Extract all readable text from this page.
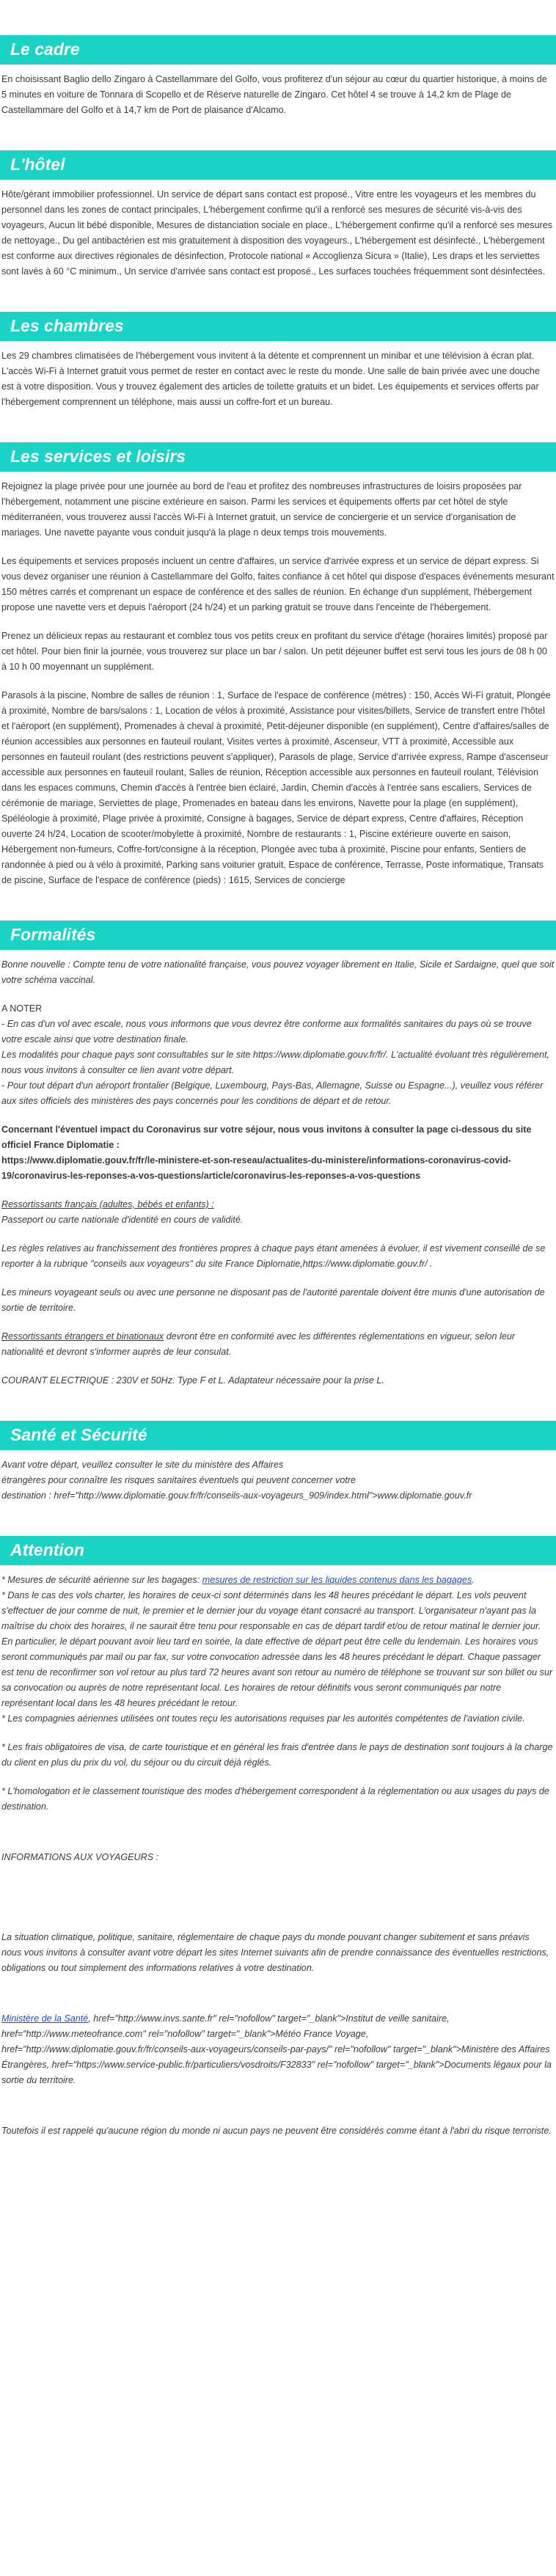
Le cadre

En choisissant Baglio dello Zingaro à Castellammare del Golfo, vous profiterez d'un séjour au cœur du quartier historique, à moins de 5 minutes en voiture de Tonnara di Scopello et de Réserve naturelle de Zingaro. Cet hôtel 4 se trouve à 14,2 km de Plage de Castellammare del Golfo et à 14,7 km de Port de plaisance d'Alcamo.

L'hôtel

Hôte/gérant immobilier professionnel. Un service de départ sans contact est proposé., Vitre entre les voyageurs et les membres du personnel dans les zones de contact principales, L'hébergement confirme qu'il a renforcé ses mesures de sécurité vis-à-vis des voyageurs, Aucun lit bébé disponible, Mesures de distanciation sociale en place., L'hébergement confirme qu'il a renforcé ses mesures de nettoyage., Du gel antibactérien est mis gratuitement à disposition des voyageurs., L'hébergement est désinfecté., L'hébergement est conforme aux directives régionales de désinfection, Protocole national « Accoglienza Sicura » (Italie), Les draps et les serviettes sont lavés à 60 °C minimum., Un service d'arrivée sans contact est proposé., Les surfaces touchées fréquemment sont désinfectées.

Les chambres

Les 29 chambres climatisées de l'hébergement vous invitent à la détente et comprennent un minibar et une télévision à écran plat. L'accès Wi-Fi à Internet gratuit vous permet de rester en contact avec le reste du monde. Une salle de bain privée avec une douche est à votre disposition. Vous y trouvez également des articles de toilette gratuits et un bidet. Les équipements et services offerts par l'hébergement comprennent un téléphone, mais aussi un coffre-fort et un bureau.

Les services et loisirs

Rejoignez la plage privée pour une journée au bord de l'eau et profitez des nombreuses infrastructures de loisirs proposées par l'hébergement, notamment une piscine extérieure en saison. Parmi les services et équipements offerts par cet hôtel de style méditerranéen, vous trouverez aussi l'accès Wi-Fi à Internet gratuit, un service de conciergerie et un service d'organisation de mariages. Une navette payante vous conduit jusqu'à la plage n deux temps trois mouvements.

Les équipements et services proposés incluent un centre d'affaires, un service d'arrivée express et un service de départ express. Si vous devez organiser une réunion à Castellammare del Golfo, faites confiance à cet hôtel qui dispose d'espaces événements mesurant 150 mètres carrés et comprenant un espace de conférence et des salles de réunion. En échange d'un supplément, l'hébergement propose une navette vers et depuis l'aéroport (24 h/24) et un parking gratuit se trouve dans l'enceinte de l'hébergement.

Prenez un délicieux repas au restaurant et comblez tous vos petits creux en profitant du service d'étage (horaires limités) proposé par cet hôtel. Pour bien finir la journée, vous trouverez sur place un bar / salon. Un petit déjeuner buffet est servi tous les jours de 08 h 00 à 10 h 00 moyennant un supplément.

Parasols à la piscine, Nombre de salles de réunion : 1, Surface de l'espace de conférence (mètres) : 150, Accès Wi-Fi gratuit, Plongée à proximité, Nombre de bars/salons : 1, Location de vélos à proximité, Assistance pour visites/billets, Service de transfert entre l'hôtel et l'aéroport (en supplément), Promenades à cheval à proximité, Petit-déjeuner disponible (en supplément), Centre d'affaires/salles de réunion accessibles aux personnes en fauteuil roulant, Visites vertes à proximité, Ascenseur, VTT à proximité, Accessible aux personnes en fauteuil roulant (des restrictions peuvent s'appliquer), Parasols de plage, Service d'arrivée express, Rampe d'ascenseur accessible aux personnes en fauteuil roulant, Salles de réunion, Réception accessible aux personnes en fauteuil roulant, Télévision dans les espaces communs, Chemin d'accès à l'entrée bien éclairé, Jardin, Chemin d'accès à l'entrée sans escaliers, Services de cérémonie de mariage, Serviettes de plage, Promenades en bateau dans les environs, Navette pour la plage (en supplément), Spéléologie à proximité, Plage privée à proximité, Consigne à bagages, Service de départ express, Centre d'affaires, Réception ouverte 24 h/24, Location de scooter/mobylette à proximité, Nombre de restaurants : 1, Piscine extérieure ouverte en saison, Hébergement non-fumeurs, Coffre-fort/consigne à la réception, Plongée avec tuba à proximité, Piscine pour enfants, Sentiers de randonnée à pied ou à vélo à proximité, Parking sans voiturier gratuit, Espace de conférence, Terrasse, Poste informatique, Transats de piscine, Surface de l'espace de conférence (pieds) : 1615, Services de concierge

Formalités

Bonne nouvelle : Compte tenu de votre nationalité française, vous pouvez voyager librement en Italie, Sicile et Sardaigne, quel que soit votre schéma vaccinal.

A NOTER

- En cas d'un vol avec escale, nous vous informons que vous devrez être conforme aux formalités sanitaires du pays où se trouve votre escale ainsi que votre destination finale.

Les modalités pour chaque pays sont consultables sur le site https://www.diplomatie.gouv.fr/fr/. L'actualité évoluant très régulièrement, nous vous invitons à consulter ce lien avant votre départ.

- Pour tout départ d'un aéroport frontalier (Belgique, Luxembourg, Pays-Bas, Allemagne, Suisse ou Espagne...), veuillez vous référer aux sites officiels des ministères des pays concernés pour les conditions de départ et de retour.

Concernant l'éventuel impact du Coronavirus sur votre séjour, nous vous invitons à consulter la page ci-dessous du site officiel France Diplomatie :

https://www.diplomatie.gouv.fr/fr/le-ministere-et-son-reseau/actualites-du-ministere/informations-coronavirus-covid-19/coronavirus-les-reponses-a-vos-questions/article/coronavirus-les-reponses-a-vos-questions

Ressortissants français (adultes, bébés et enfants) :

Passeport ou carte nationale d'identité en cours de validité.

Les règles relatives au franchissement des frontières propres à chaque pays étant amenées à évoluer, il est vivement conseillé de se reporter à la rubrique "conseils aux voyageurs" du site France Diplomatie,https://www.diplomatie.gouv.fr/ .

Les mineurs voyageant seuls ou avec une personne ne disposant pas de l'autorité parentale doivent être munis d'une autorisation de sortie de territoire.

Ressortissants étrangers et binationaux devront être en conformité avec les différentes réglementations en vigueur, selon leur nationalité et devront s'informer auprès de leur consulat.

COURANT ELECTRIQUE : 230V et 50Hz. Type F et L. Adaptateur nécessaire pour la prise L.

Santé et Sécurité

Avant votre départ, veuillez consulter le site du ministère des Affaires

étrangères pour connaître les risques sanitaires éventuels qui peuvent concerner votre

destination : href="http://www.diplomatie.gouv.fr/fr/conseils-aux-voyageurs_909/index.html">www.diplomatie.gouv.fr

Attention

* Mesures de sécurité aérienne sur les bagages: mesures de restriction sur les liquides contenus dans les bagages.

* Dans le cas des vols charter, les horaires de ceux-ci sont déterminés dans les 48 heures précédant le départ. Les vols peuvent s'effectuer de jour comme de nuit, le premier et le dernier jour du voyage étant consacré au transport. L'organisateur n'ayant pas la maîtrise du choix des horaires, il ne saurait être tenu pour responsable en cas de départ tardif et/ou de retour matinal le dernier jour. En particulier, le départ pouvant avoir lieu tard en soirée, la date effective de départ peut être celle du lendemain. Les horaires vous seront communiqués par mail ou par fax, sur votre convocation adressée dans les 48 heures précédant le départ. Chaque passager est tenu de reconfirmer son vol retour au plus tard 72 heures avant son retour au numéro de téléphone se trouvant sur son billet ou sur sa convocation ou auprès de notre représentant local. Les horaires de retour définitifs vous seront communiqués par notre représentant local dans les 48 heures précédant le retour.

* Les compagnies aériennes utilisées ont toutes reçu les autorisations requises par les autorités compétentes de l'aviation civile.

* Les frais obligatoires de visa, de carte touristique et en général les frais d'entrée dans le pays de destination sont toujours à la charge du client en plus du prix du vol, du séjour ou du circuit déjà réglés.

* L'homologation et le classement touristique des modes d'hébergement correspondent à la réglementation ou aux usages du pays de destination.

INFORMATIONS AUX VOYAGEURS :

La situation climatique, politique, sanitaire, réglementaire de chaque pays du monde pouvant changer subitement et sans préavis

nous vous invitons à consulter avant votre départ les sites Internet suivants afin de prendre connaissance des éventuelles restrictions, obligations ou tout simplement des informations relatives à votre destination.

Ministère de la Santé, href="http://www.invs.sante.fr" rel="nofollow" target="_blank">Institut de veille sanitaire, href="http://www.meteofrance.com" rel="nofollow" target="_blank">Météo France Voyage, href="http://www.diplomatie.gouv.fr/fr/conseils-aux-voyageurs/conseils-par-pays/" rel="nofollow" target="_blank">Ministère des Affaires Étrangères, href="https://www.service-public.fr/particuliers/vosdroits/F32833" rel="nofollow" target="_blank">Documents légaux pour la sortie du territoire.

Toutefois il est rappelé qu'aucune région du monde ni aucun pays ne peuvent être considérés comme étant à l'abri du risque terroriste.
